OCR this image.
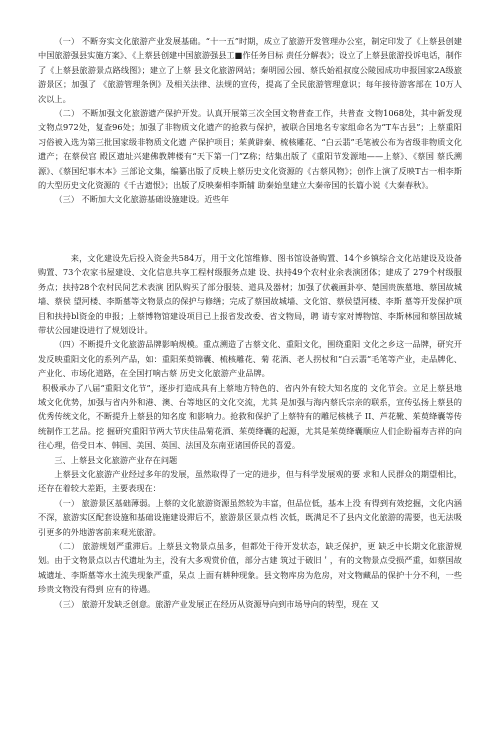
（一） 不断夯实文化旅游产业发展基础。“十一五”时期，成立了旅游开发管理办公室，制定印发了《上蔡县创建中国旅游强县实施方案》、《上蔡县创建中国旅游强县工■作任务目标 责任分解表》；设立了上蔡县旅游投诉电话，制作了《上蔡县旅游景点路线图》；建立了上蔡 县文化旅游网站；秦明园公园、蔡氏始祖叔度公陵园成功申报国家2A级旅游景区；加强了 《旅游管理条例》及相关法律、法规的宣传，提高了全民旅游管理意识；每年接待游客部在 10万人次以上。

（二） 不断加强文化旅游遗产保护开发。认真开展第三次全国文物普查工作，共普查 文物1068处，其中新发现文物点972处，复查96处；加强了非物质文化遗产的抢救与保护，被联合国地名专家组命名为“T车古县”；上蔡重阳习俗被入选为第三批国家级非物质文化遗 产保护项目；茱黄辟秦、梳核雕花、“白云翡”毛笔被公布为省级非物质文化遗产；在蔡侯宫 殿区遗址兴建佛教牌楼有“天下第一门”Z称；结集出版了《重阳节发源地——上蔡》、《蔡国 蔡氏溯源》、《蔡国纪事木本》三部论文集，编纂出版了反映上蔡历史文化资源的《古蔡风物》；创作上演了反映T古一相李斯的大型历史文化资源的《千古遗恨》；出版了反映秦相李斯辅 助秦始皇建立大秦帝国的长篇小说《大秦春秋》。

（三） 不断加大文化旅游基础设施建设。近些年

来，文化建设先后投入资金共584万，用于文化馆维修、图书馆设备购置、14个乡镇综合文化站建设及设备购置、73个农家书屋建设、文化信息共享工程村级服务点建 设、扶持49个农村业余表演团体；建成了 279个村级服务点；扶持28个农村民间艺术表演 团队购买了部分服装、道具及器材；加强了伏羲画卦亭、楚国贵族墓地、蔡国故城墙、蔡侯 望河楼、李斯墓等文物景点的保护与修缮；完成了蔡国故城墙、文化馆、蔡侯望河楼、李斯 墓等开发保护项目和扶持bl资金的申报；上蔡博物馆建设项目已上报省发改委、省文物局，聘 请专家对博物馆、李斯林园和蔡国故城带状公园建设进行了规划设计。

（四）不断提升文化旅游品牌影响规模。重点溯造了古蔡文化、重阳文化，围绕重阳 文化之乡这一品牌，研究开发反映重阳文化的系列产品，如：重阳茱萸锦囊、梳核雕花、菊 花酒、老人拐杖和“白云翡”毛笔等产业，走品牌化、产业化、市场化道路，在全国打响古蔡 历史文化旅游产业品牌。

积极承办了八届“重阳文化节”，逐步打造成具有上蔡地方特色的、省内外有较大知名度的 文化节会。立足上蔡县地域文化优势，加强与省内外和港、澳、台等地区的文化交流，尤其 是加强与海内蔡氏宗亲的联系，宣传弘扬上蔡县的优秀传统文化，不断提升上蔡县的知名度 和影响力。抢救和保护了上蔡特有的雕尼核桃子 II、芦花靴、茱萸绛囊等传统制作工艺品。挖 掘研究重阳节两大节庆佳品菊花酒、茱萸绛囊的起源，尤其是茱萸绛囊顺应人们企盼福寿吉祥的向 往心理，倍受日本、韩国、美国、英国、法国及东南亚诸国侨民的喜爱。

三、上蔡县文化旅游产业存在问题

上蔡县文化旅游产业经过多年的发展，虽然取得了一定的进步，但与科学发展观的要 求和人民群众的期望相比，还存在着较大差距，主要表现在：

（一） 旅游景区基础薄弱。上蔡的文化旅游资源虽然较为丰富，但品位低，基本上没 有得到有效挖掘，文化内涵不深，旅游实区配套设施和基础设施建设滞后不，旅游景区景点档 次低，既满足不了县内文化旅游的需要，也无法吸引更多的外地游客前来观光旅游。

（二） 旅游规划严重滞后。上蔡县文物景点虽多，但都处于待开发状态，缺乏保护，更 缺乏中长期文化旅游规划。由于文物景点以古代遗址为主，没有大多观赏价值，部分古建 筑过于破旧＇，有的文物景点受损严重，如蔡国故城遗址、李斯墓等水土流失现象严重，呆点 上面有耕种现象。县文物库房为危房，对文物藏品的保护十分不利，一些珍贵文物没有得到 应有的待遇。

（三） 旅游开发缺乏创意。旅游产业发展正在经历从资源导向到市场导向的转型，现在 又
